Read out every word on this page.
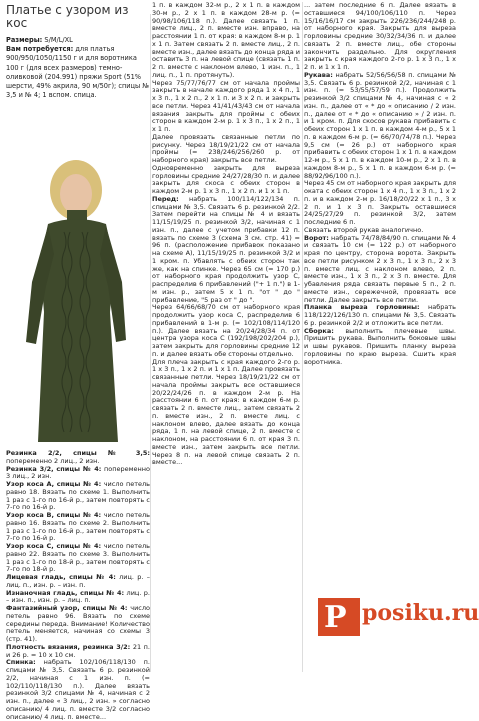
Платье с узором из кос
Размеры: S/M/L/XL
Вам потребуется: для платья 900/950/1050/1150 г и для воротника 100 г (для всех размеров) темно-оливковой (204.991) пряжи Sport (51% шерсти, 49% акрила, 90 м/50г); спицы № 3,5 и № 4; 1 вспом. спица.

Резинка 2/2, спицы № 3,5: попеременно 2 лиц., 2 изн.

Резинка 3/2, спицы № 4: попеременно 3 лиц., 2 изн.

Узор коса A, спицы № 4: число петель равно 18. Вязать по схеме 1. Выполнить 1 раз с 1-го по 16-й р., затем повторять с 7-го по 16-й р.

Узор коса B, спицы № 4: число петель равно 16. Вязать по схеме 2. Выполнить 1 раз с 1-го по 16-й р., затем повторять с 7-го по 16-й р.

Узор коса C, спицы № 4: число петель равно 22. Вязать по схеме 3. Выполнить 1 раз с 1-го по 18-й р., затем повторять с 7-го по 18-й р.

Лицевая гладь, спицы № 4: лиц. р. – лиц. п., изн. р. – изн. п.

Изнаночная гладь, спицы № 4: лиц. р. – изн. п., изн. р. – лиц. п.

Фантазийный узор, спицы № 4: число петель равно 96. Вязать по схеме середины переда. Внимание! Количество петель меняется, начиная со схемы 3 (стр. 41).

Плотность вязания, резинка 3/2: 21 п. и 26 р. = 10 х 10 см.

Спинка: набрать 102/106/118/130 п. спицами № 3,5. Связать 6 р. резинкой 2/2, начиная с 1 изн. п. (= 102/110/118/130 п.). Далее вязать резинкой 3/2 спицами № 4, начиная с 2 изн. п., далее « 3 лиц., 2 изн. » согласно описанию/ 4 лиц. п. вместе 3/2 согласно описанию/ 4 лиц. п. вместе...

1 п. в каждом 32-м р., 2 x 1 п. в каждом 30-м р., 2 x 1 п. в каждом 28-м р. (= 90/98/106/118 п.). Далее связать 1 п. вместе лиц., 2 п. вместе изн. вправо, на расстоянии 1 п. от края: в каждом 8-м р. 1 x 1 п. Затем связать 2 п. вместе лиц., 2 п. вместе изн., далее вязать до конца ряда и оставить 3 п. на левой спице (связать 1 п. 2 п. вместе с наклоном влево, 1 изн. п., 1 лиц. п., 1 п. протянуть).

Через 75/77/76/77 см от начала проймы закрыть в начале каждого ряда 1 x 4 п., 1 x 3 п., 1 x 2 п., 2 x 1 п. и 3 x 2 п. и закрыть все петли. Через 41/41/43/43 см от начала вязания закрыть для проймы с обеих сторон в каждом 2-м р. 1 x 3 п., 1 x 2 п., 1 x 1 п.

Далее провязать связанные петли по рисунку. Через 18/19/21/22 см от начала проймы (= 238/246/256/260 р. от наборного края) закрыть все петли.

Одновременно закрыть для выреза горловины средние 24/27/28/30 п. и далее закрыть для скоса с обеих сторон в каждом 2-м р. 1 x 3 п., 1 x 2 п. и 1 x 1 п.

Перед: набрать 100/114/122/134 п. спицами № 3,5. Связать 6 р. резинкой 2/2. Затем перейти на спицы № 4 и вязать 11/15/19/25 п. резинкой 3/2, начиная с 1 изн. п., далее с учетом прибавки 12 п. вязать по схеме 3 (схема 3 см. стр. 41) = 96 п. (расположение прибавок показано на схеме A), 11/15/19/25 п. резинкой 3/2 и 1 кром. п. Убавлять с обеих сторон так же, как на спинке. Через 65 см (= 170 р.) от наборного края продолжить узор C, распределив 6 прибавлений ("+ 1 п.") в 1-м изн. р., затем 5 x 1 п. "от " до " прибавление, "5 раз от " до ".

Через 64/66/68/70 см от наборного края продолжить узор коса C, распределив 6 прибавлений в 1-м р. (= 102/108/114/120 п.). Далее вязать на 20/24/28/34 п. от центра узора коса C (192/198/202/204 р.), затем закрыть для горловины средние 12 п. и далее вязать обе стороны отдельно.

Для плеча закрыть с края каждого 2-го р. 1 x 3 п., 1 x 2 п. и 1 x 1 п. Далее провязать связанные петли. Через 18/19/21/22 см от начала проймы закрыть все оставшиеся 20/22/24/26 п. в каждом 2-м р. На расстоянии 6 п. от края: в каждом 6-м р. связать 2 п. вместе лиц., затем связать 2 п. вместе изн., 2 п. вместе лиц. с наклоном влево, далее вязать до конца ряда, 1 п. на левой спице, 2 п. вместе с наклоном, на расстоянии 6 п. от края 3 п. вместе изн., затем закрыть все петли. Через 8 п. на левой спице связать 2 п. вместе...

... затем последние 6 п. Далее вязать в оставшиеся 94/100/106/110 п. Через 15/16/16/17 см закрыть 226/236/244/248 р. от наборного края. Закрыть для выреза горловины средние 30/32/34/36 п. и далее связать 2 п. вместе лиц., обе стороны закончить раздельно. Для округления закрыть с края каждого 2-го р. 1 x 3 п., 1 x 2 п. и 1 x 1 п.

Рукава: набрать 52/56/56/58 п. спицами № 3,5. Связать 6 р. резинкой 2/2, начиная с 1 изн. п. (= 53/55/57/59 п.). Продолжить резинкой 3/2 спицами № 4, начиная с « 2 изн. п., далее от « * до « описанию / 2 изн. п., далее от « * до « описанию » / 2 изн. п. и 1 кром. п. Для скосов рукава прибавить с обеих сторон 1 x 1 п. в каждом 4-м р., 5 x 1 п. в каждом 6-м р. (= 66/70/74/78 п.). Через 9,5 см (= 26 р.) от наборного края прибавить с обеих сторон 1 x 1 п. в каждом 12-м р., 5 x 1 п. в каждом 10-м р., 2 x 1 п. в каждом 8-м р., 5 x 1 п. в каждом 6-м р. (= 88/92/96/100 п.).

Через 45 см от наборного края закрыть для оката с обеих сторон 1 x 4 п., 1 x 3 п., 1 x 2 п. и в каждом 2-м р. 16/18/20/22 x 1 п., 3 x 2 п. и 1 x 3 п. Закрыть оставшиеся 24/25/27/29 п. резинкой 3/2, затем последние 6 п.

Связать второй рукав аналогично.

Ворот: набрать 74/78/84/90 п. спицами № 4 и связать 10 см (= 122 р.) от наборного края по центру, сторона ворота. Закрыть все петли рисунком 2 x 3 п., 1 x 3 п., 2 x 3 п. вместе лиц. с наклоном влево, 2 п. вместе изн., 1 x 3 п., 2 x 3 п. вместе. Для убавления ряда связать первые 5 п., 2 п. вместе изн., сережечной, провязать все петли. Далее закрыть все петли.

Планка выреза горловины: набрать 118/122/126/130 п. спицами № 3,5. Связать 6 р. резинкой 2/2 и отложить все петли.

Сборка: выполнить плечевые швы. Пришить рукава. Выполнить боковые швы и швы рукавов. Пришить планку выреза горловины по краю выреза. Сшить края воротника.

P posiku.ru
